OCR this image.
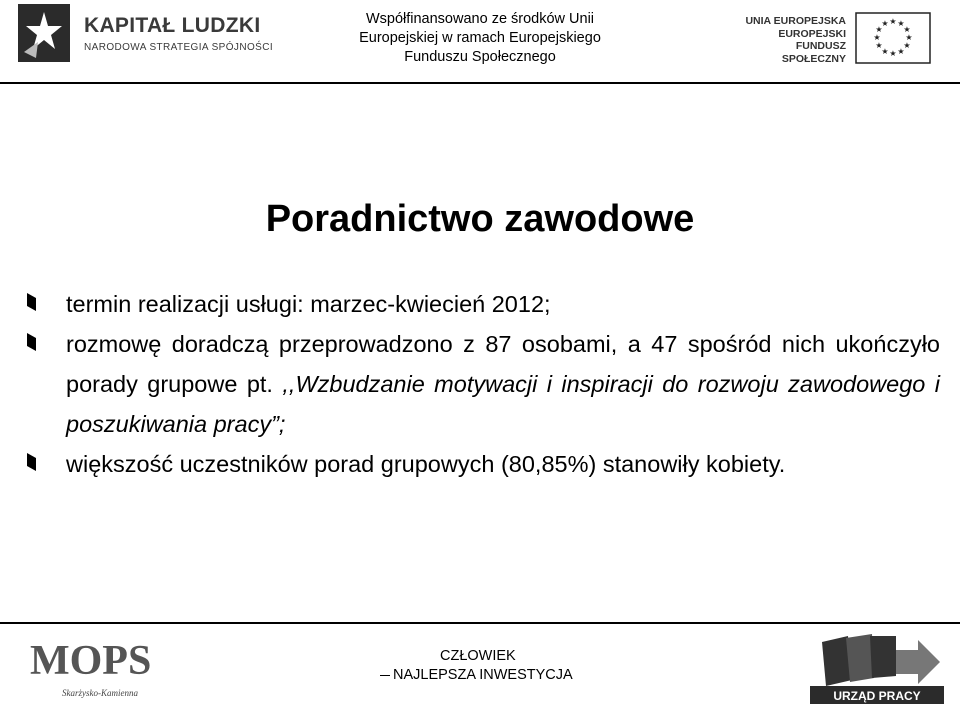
KAPITAŁ LUDZKI
NARODOWA STRATEGIA SPÓJNOŚCI
Współfinansowano ze środków Unii
Europejskiej w ramach Europejskiego
Funduszu Społecznego
UNIA EUROPEJSKA
EUROPEJSKI
FUNDUSZ SPOŁECZNY
★ ★
★
★
★
★
★
★
★
★
★
★
Poradnictwo zawodowe
termin realizacji usługi: marzec-kwiecień 2012;
rozmowę doradczą przeprowadzono z 87 osobami, a 47 spośród nich ukończyło porady grupowe pt. ,,Wzbudzanie motywacji i inspiracji do rozwoju zawodowego i poszukiwania pracy”;
większość uczestników porad grupowych (80,85%) stanowiły kobiety.
MOPS
Skarżysko-Kamienna
CZŁOWIEK
NAJLEPSZA INWESTYCJA
URZĄD PRACY
